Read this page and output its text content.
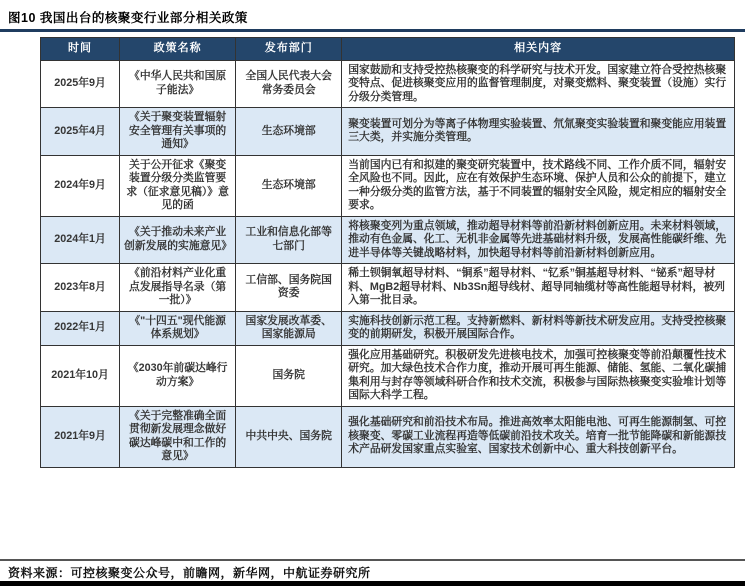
图10 我国出台的核聚变行业部分相关政策
时间	政策名称	发布部门	相关内容
2025年9月	《中华人民共和国原子能法》	全国人民代表大会常务委员会	国家鼓励和支持受控热核聚变的科学研究与技术开发。国家建立符合受控热核聚变特点、促进核聚变应用的监督管理制度，对聚变燃料、聚变装置（设施）实行分级分类管理。
2025年4月	《关于聚变装置辐射安全管理有关事项的通知》	生态环境部	聚变装置可划分为等离子体物理实验装置、氘氚聚变实验装置和聚变能应用装置三大类，并实施分类管理。
2024年9月	关于公开征求《聚变装置分级分类监管要求（征求意见稿）》意见的函	生态环境部	当前国内已有和拟建的聚变研究装置中，技术路线不同、工作介质不同，辐射安全风险也不同。因此，应在有效保护生态环境、保护人员和公众的前提下，建立一种分级分类的监管方法，基于不同装置的辐射安全风险，规定相应的辐射安全要求。
2024年1月	《关于推动未来产业创新发展的实施意见》	工业和信息化部等七部门	将核聚变列为重点领域，推动超导材料等前沿新材料创新应用。未来材料领域，推动有色金属、化工、无机非金属等先进基础材料升级，发展高性能碳纤维、先进半导体等关键战略材料，加快超导材料等前沿新材料创新应用。
2023年8月	《前沿材料产业化重点发展指导名录（第一批）》	工信部、国务院国资委	稀土钡铜氧超导材料、“铜系”超导材料、“钇系”铜基超导材料、“铋系”超导材料、MgB2超导材料、Nb3Sn超导线材、超导同轴缆材等高性能超导材料，被列入第一批目录。
2022年1月	《"十四五"现代能源体系规划》	国家发展改革委、国家能源局	实施科技创新示范工程。支持新燃料、新材料等新技术研发应用。支持受控核聚变的前期研发，积极开展国际合作。
2021年10月	《2030年前碳达峰行动方案》	国务院	强化应用基础研究。积极研发先进核电技术，加强可控核聚变等前沿颠覆性技术研究。加大绿色技术合作力度，推动开展可再生能源、储能、氢能、二氧化碳捕集利用与封存等领域科研合作和技术交流，积极参与国际热核聚变实验堆计划等国际大科学工程。
2021年9月	《关于完整准确全面贯彻新发展理念做好碳达峰碳中和工作的意见》	中共中央、国务院	强化基础研究和前沿技术布局。推进高效率太阳能电池、可再生能源制氢、可控核聚变、零碳工业流程再造等低碳前沿技术攻关。培育一批节能降碳和新能源技术产品研发国家重点实验室、国家技术创新中心、重大科技创新平台。
资料来源：可控核聚变公众号，前瞻网，新华网，中航证券研究所
